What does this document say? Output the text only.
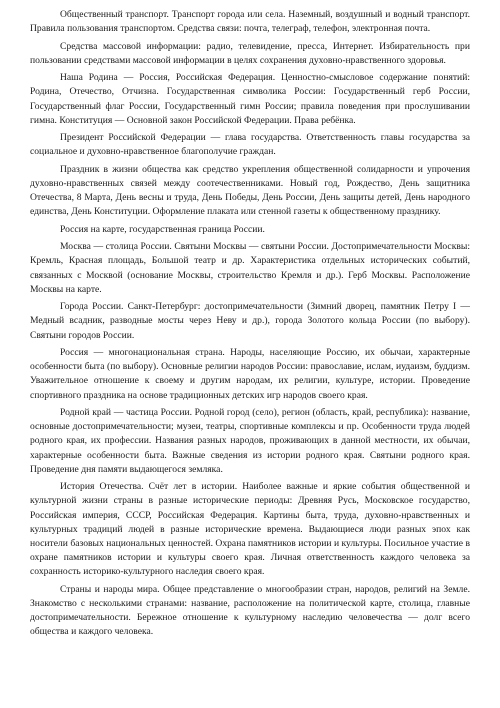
Общественный транспорт. Транспорт города или села. Наземный, воздушный и водный транспорт. Правила пользования транспортом. Средства связи: почта, телеграф, телефон, электронная почта.

Средства массовой информации: радио, телевидение, пресса, Интернет. Избирательность при пользовании средствами массовой информации в целях сохранения духовно-нравственного здоровья.

Наша Родина — Россия, Российская Федерация. Ценностно-смысловое содержание понятий: Родина, Отечество, Отчизна. Государственная символика России: Государственный герб России, Государственный флаг России, Государственный гимн России; правила поведения при прослушивании гимна. Конституция — Основной закон Российской Федерации. Права ребёнка.

Президент Российской Федерации — глава государства. Ответственность главы государства за социальное и духовно-нравственное благополучие граждан.

Праздник в жизни общества как средство укрепления общественной солидарности и упрочения духовно-нравственных связей между соотечественниками. Новый год, Рождество, День защитника Отечества, 8 Марта, День весны и труда, День Победы, День России, День защиты детей, День народного единства, День Конституции. Оформление плаката или стенной газеты к общественному празднику.

Россия на карте, государственная граница России.

Москва — столица России. Святыни Москвы — святыни России. Достопримечательности Москвы: Кремль, Красная площадь, Большой театр и др. Характеристика отдельных исторических событий, связанных с Москвой (основание Москвы, строительство Кремля и др.). Герб Москвы. Расположение Москвы на карте.

Города России. Санкт-Петербург: достопримечательности (Зимний дворец, памятник Петру I — Медный всадник, разводные мосты через Неву и др.), города Золотого кольца России (по выбору). Святыни городов России.

Россия — многонациональная страна. Народы, населяющие Россию, их обычаи, характерные особенности быта (по выбору). Основные религии народов России: православие, ислам, иудаизм, буддизм. Уважительное отношение к своему и другим народам, их религии, культуре, истории. Проведение спортивного праздника на основе традиционных детских игр народов своего края.

Родной край — частица России. Родной город (село), регион (область, край, республика): название, основные достопримечательности; музеи, театры, спортивные комплексы и пр. Особенности труда людей родного края, их профессии. Названия разных народов, проживающих в данной местности, их обычаи, характерные особенности быта. Важные сведения из истории родного края. Святыни родного края. Проведение дня памяти выдающегося земляка.

История Отечества. Счёт лет в истории. Наиболее важные и яркие события общественной и культурной жизни страны в разные исторические периоды: Древняя Русь, Московское государство, Российская империя, СССР, Российская Федерация. Картины быта, труда, духовно-нравственных и культурных традиций людей в разные исторические времена. Выдающиеся люди разных эпох как носители базовых национальных ценностей. Охрана памятников истории и культуры. Посильное участие в охране памятников истории и культуры своего края. Личная ответственность каждого человека за сохранность историко-культурного наследия своего края.

Страны и народы мира. Общее представление о многообразии стран, народов, религий на Земле. Знакомство с несколькими странами: название, расположение на политической карте, столица, главные достопримечательности. Бережное отношение к культурному наследию человечества — долг всего общества и каждого человека.
